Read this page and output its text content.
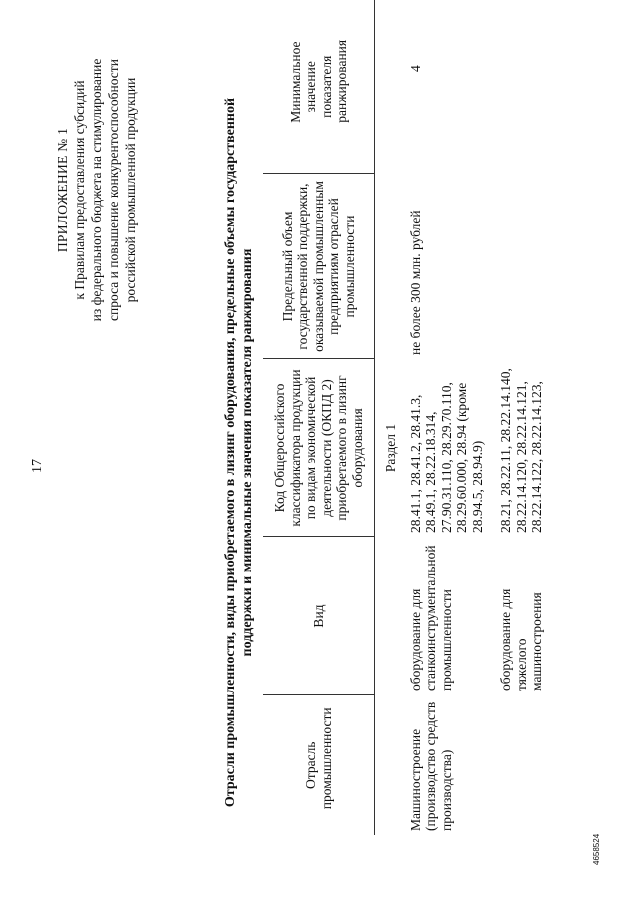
17
ПРИЛОЖЕНИЕ № 1 к Правилам предоставления субсидий из федерального бюджета на стимулирование спроса и повышение конкурентоспособности российской промышленной продукции	Отрасли промышленности, виды приобретаемого в лизинг оборудования, предельные объемы государственной поддержки и минимальные значения показателя ранжирования
Отрасль промышленности	Вид	Код Общероссийского классификатора продукции по видам экономической деятельности (ОКПД 2) приобретаемого в лизинг оборудования	Предельный объем государственной поддержки, оказываемой промышленным предприятиям отраслей промышленности	Минимальное значение показателя ранжирования

		Раздел 1		
Машиностроение (производство средств производства)	оборудование для станкоинструментальной промышленности	28.41.1, 28.41.2, 28.41.3, 28.49.1, 28.22.18.314, 27.90.31.110, 28.29.70.110, 28.29.60.000, 28.94 (кроме 28.94.5, 28.94.9)	не более 300 млн. рублей	4
	оборудование для тяжелого машиностроения	28.21, 28.22.11, 28.22.14.140, 28.22.14.120, 28.22.14.121, 28.22.14.122, 28.22.14.123,		
4658524
